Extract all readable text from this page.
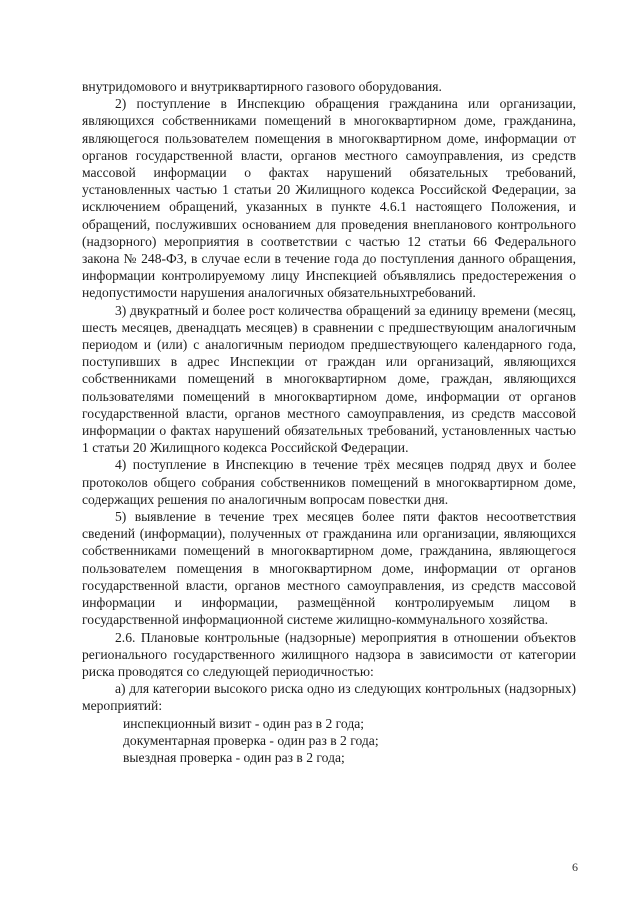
внутридомового и внутриквартирного газового оборудования.

2) поступление в Инспекцию обращения гражданина или организации, являющихся собственниками помещений в многоквартирном доме, гражданина, являющегося пользователем помещения в многоквартирном доме, информации от органов государственной власти, органов местного самоуправления, из средств массовой информации о фактах нарушений обязательных требований, установленных частью 1 статьи 20 Жилищного кодекса Российской Федерации, за исключением обращений, указанных в пункте 4.6.1 настоящего Положения, и обращений, послуживших основанием для проведения внепланового контрольного (надзорного) мероприятия в соответствии с частью 12 статьи 66 Федерального закона № 248-ФЗ, в случае если в течение года до поступления данного обращения, информации контролируемому лицу Инспекцией объявлялись предостережения о недопустимости нарушения аналогичных обязательныхтребований.

3) двукратный и более рост количества обращений за единицу времени (месяц, шесть месяцев, двенадцать месяцев) в сравнении с предшествующим аналогичным периодом и (или) с аналогичным периодом предшествующего календарного года, поступивших в адрес Инспекции от граждан или организаций, являющихся собственниками помещений в многоквартирном доме, граждан, являющихся пользователями помещений в многоквартирном доме, информации от органов государственной власти, органов местного самоуправления, из средств массовой информации о фактах нарушений обязательных требований, установленных частью 1 статьи 20 Жилищного кодекса Российской Федерации.

4) поступление в Инспекцию в течение трёх месяцев подряд двух и более протоколов общего собрания собственников помещений в многоквартирном доме, содержащих решения по аналогичным вопросам повестки дня.

5) выявление в течение трех месяцев более пяти фактов несоответствия сведений (информации), полученных от гражданина или организации, являющихся собственниками помещений в многоквартирном доме, гражданина, являющегося пользователем помещения в многоквартирном доме, информации от органов государственной власти, органов местного самоуправления, из средств массовой информации и информации, размещённой контролируемым лицом в государственной информационной системе жилищно-коммунального хозяйства.

2.6. Плановые контрольные (надзорные) мероприятия в отношении объектов регионального государственного жилищного надзора в зависимости от категории риска проводятся со следующей периодичностью:

а) для категории высокого риска одно из следующих контрольных (надзорных) мероприятий:

инспекционный визит - один раз в 2 года;

документарная проверка - один раз в 2 года;

выездная проверка - один раз в 2 года;

6
